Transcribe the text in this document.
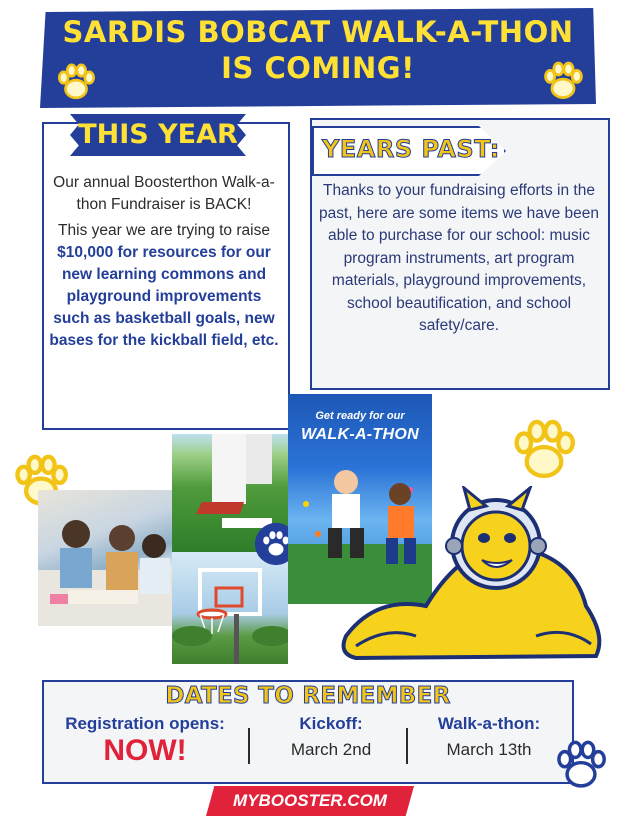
SARDIS BOBCAT WALK-A-THON
IS COMING!
THIS YEAR

Our annual Boosterthon Walk-a-thon Fundraiser is BACK!

This year we are trying to raise $10,000 for resources for our new learning commons and playground improvements such as basketball goals, new bases for the kickball field, etc.

YEARS PAST:
Thanks to your fundraising efforts in the past, here are some items we have been able to purchase for our school: music program instruments, art program materials, playground improvements, school beautification, and school safety/care.
Get ready for our
WALK-A-THON
DATES TO REMEMBER
Registration opens:
NOW!
Kickoff:
March 2nd
Walk-a-thon:
March 13th
MYBOOSTER.COM
